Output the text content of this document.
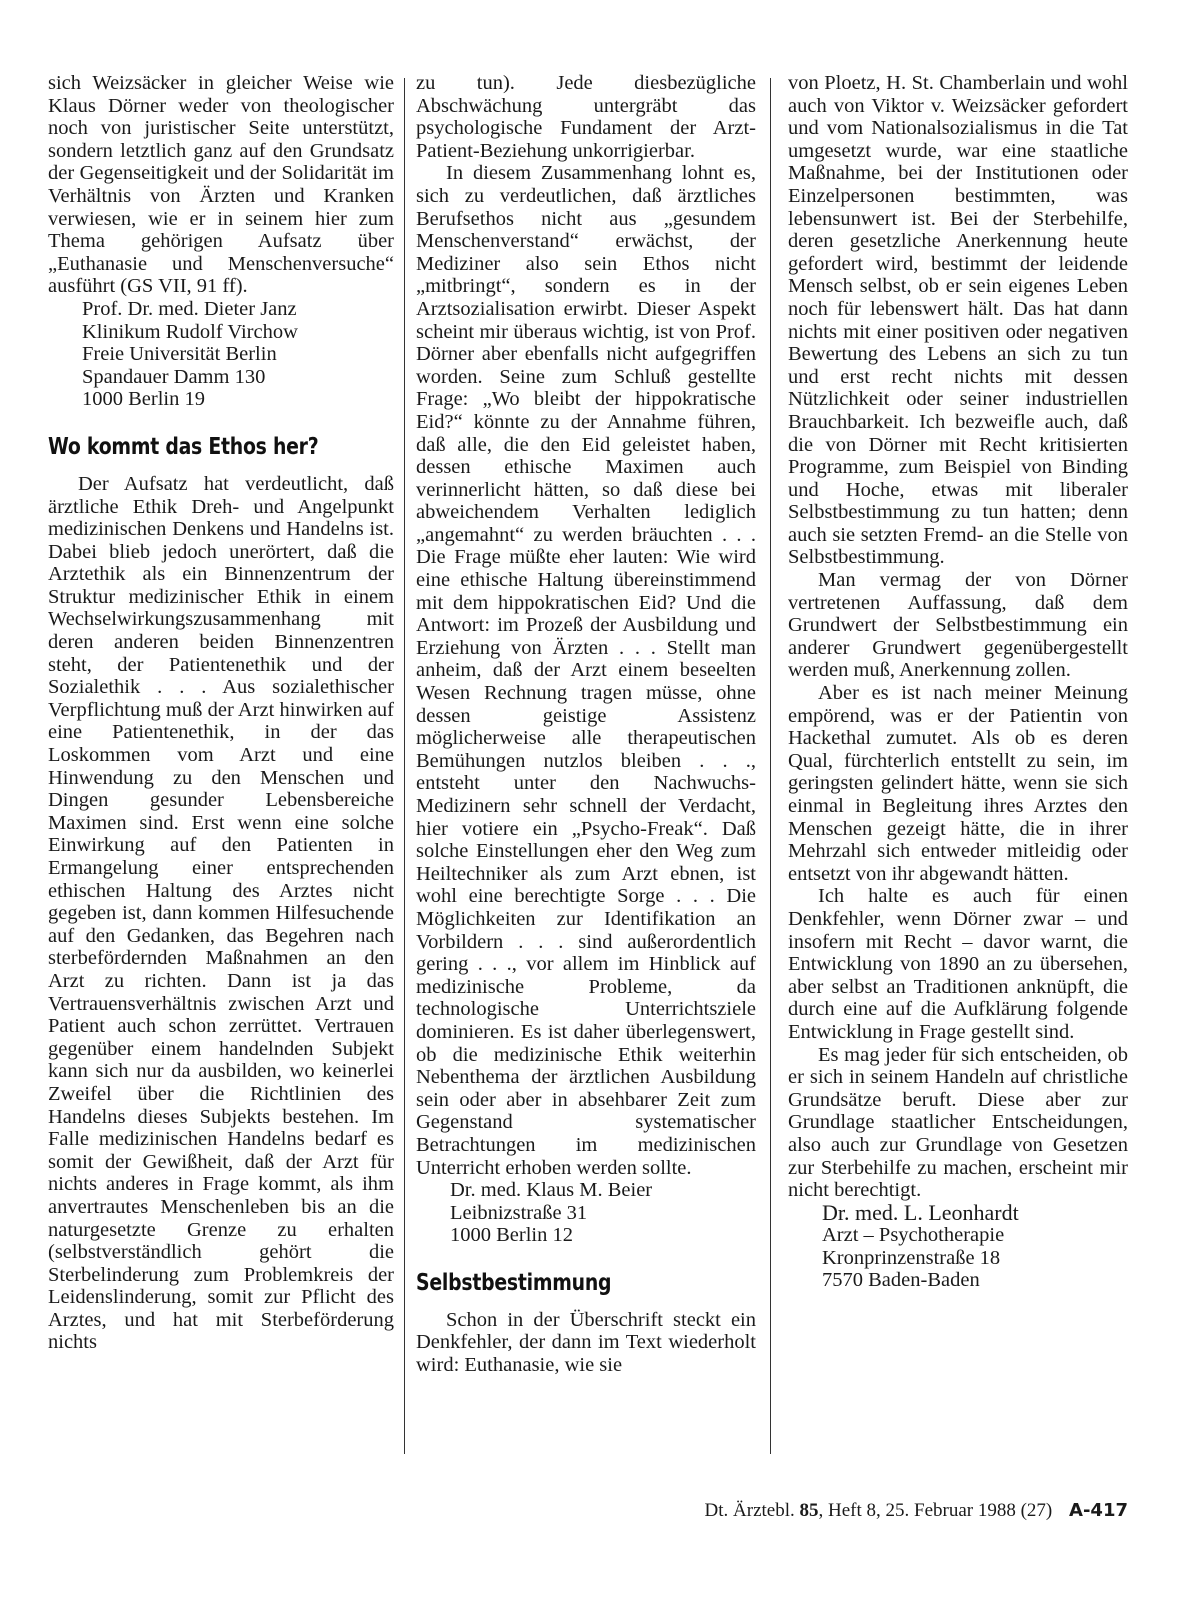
sich Weizsäcker in gleicher Weise wie Klaus Dörner weder von theologischer noch von juristischer Seite unterstützt, sondern letztlich ganz auf den Grundsatz der Gegenseitigkeit und der Solidarität im Verhältnis von Ärzten und Kranken verwiesen, wie er in seinem hier zum Thema gehörigen Aufsatz über „Euthanasie und Menschenversuche“ ausführt (GS VII, 91 ff).

Prof. Dr. med. Dieter Janz
Klinikum Rudolf Virchow
Freie Universität Berlin
Spandauer Damm 130
1000 Berlin 19
Wo kommt das Ethos her?

Der Aufsatz hat verdeutlicht, daß ärztliche Ethik Dreh- und Angelpunkt medizinischen Denkens und Handelns ist. Dabei blieb jedoch unerörtert, daß die Arztethik als ein Binnenzentrum der Struktur medizinischer Ethik in einem Wechselwirkungszusammenhang mit deren anderen beiden Binnenzentren steht, der Patientenethik und der Sozialethik . . . Aus sozialethischer Verpflichtung muß der Arzt hinwirken auf eine Patientenethik, in der das Loskommen vom Arzt und eine Hinwendung zu den Menschen und Dingen gesunder Lebensbereiche Maximen sind. Erst wenn eine solche Einwirkung auf den Patienten in Ermangelung einer entsprechenden ethischen Haltung des Arztes nicht gegeben ist, dann kommen Hilfesuchende auf den Gedanken, das Begehren nach sterbefördernden Maßnahmen an den Arzt zu richten. Dann ist ja das Vertrauensverhältnis zwischen Arzt und Patient auch schon zerrüttet. Vertrauen gegenüber einem handelnden Subjekt kann sich nur da ausbilden, wo keinerlei Zweifel über die Richtlinien des Handelns dieses Subjekts bestehen. Im Falle medizinischen Handelns bedarf es somit der Gewißheit, daß der Arzt für nichts anderes in Frage kommt, als ihm anvertrautes Menschenleben bis an die naturgesetzte Grenze zu erhalten (selbstverständlich gehört die Sterbelinderung zum Problemkreis der Leidenslinderung, somit zur Pflicht des Arztes, und hat mit Sterbeförderung nichts

zu tun). Jede diesbezügliche Abschwächung untergräbt das psychologische Fundament der Arzt-Patient-Beziehung unkorrigierbar.

In diesem Zusammenhang lohnt es, sich zu verdeutlichen, daß ärztliches Berufsethos nicht aus „gesundem Menschenverstand“ erwächst, der Mediziner also sein Ethos nicht „mitbringt“, sondern es in der Arztsozialisation erwirbt. Dieser Aspekt scheint mir überaus wichtig, ist von Prof. Dörner aber ebenfalls nicht aufgegriffen worden. Seine zum Schluß gestellte Frage: „Wo bleibt der hippokratische Eid?“ könnte zu der Annahme führen, daß alle, die den Eid geleistet haben, dessen ethische Maximen auch verinnerlicht hätten, so daß diese bei abweichendem Verhalten lediglich „angemahnt“ zu werden bräuchten . . . Die Frage müßte eher lauten: Wie wird eine ethische Haltung übereinstimmend mit dem hippokratischen Eid? Und die Antwort: im Prozeß der Ausbildung und Erziehung von Ärzten . . . Stellt man anheim, daß der Arzt einem beseelten Wesen Rechnung tragen müsse, ohne dessen geistige Assistenz möglicherweise alle therapeutischen Bemühungen nutzlos bleiben . . ., entsteht unter den Nachwuchs-Medizinern sehr schnell der Verdacht, hier votiere ein „Psycho-Freak“. Daß solche Einstellungen eher den Weg zum Heiltechniker als zum Arzt ebnen, ist wohl eine berechtigte Sorge . . . Die Möglichkeiten zur Identifikation an Vorbildern . . . sind außerordentlich gering . . ., vor allem im Hinblick auf medizinische Probleme, da technologische Unterrichtsziele dominieren. Es ist daher überlegenswert, ob die medizinische Ethik weiterhin Nebenthema der ärztlichen Ausbildung sein oder aber in absehbarer Zeit zum Gegenstand systematischer Betrachtungen im medizinischen Unterricht erhoben werden sollte.

Dr. med. Klaus M. Beier
Leibnizstraße 31
1000 Berlin 12
Selbstbestimmung

Schon in der Überschrift steckt ein Denkfehler, der dann im Text wiederholt wird: Euthanasie, wie sie

von Ploetz, H. St. Chamberlain und wohl auch von Viktor v. Weizsäcker gefordert und vom Nationalsozialismus in die Tat umgesetzt wurde, war eine staatliche Maßnahme, bei der Institutionen oder Einzelpersonen bestimmten, was lebensunwert ist. Bei der Sterbehilfe, deren gesetzliche Anerkennung heute gefordert wird, bestimmt der leidende Mensch selbst, ob er sein eigenes Leben noch für lebenswert hält. Das hat dann nichts mit einer positiven oder negativen Bewertung des Lebens an sich zu tun und erst recht nichts mit dessen Nützlichkeit oder seiner industriellen Brauchbarkeit. Ich bezweifle auch, daß die von Dörner mit Recht kritisierten Programme, zum Beispiel von Binding und Hoche, etwas mit liberaler Selbstbestimmung zu tun hatten; denn auch sie setzten Fremd- an die Stelle von Selbstbestimmung.

Man vermag der von Dörner vertretenen Auffassung, daß dem Grundwert der Selbstbestimmung ein anderer Grundwert gegenübergestellt werden muß, Anerkennung zollen.

Aber es ist nach meiner Meinung empörend, was er der Patientin von Hackethal zumutet. Als ob es deren Qual, fürchterlich entstellt zu sein, im geringsten gelindert hätte, wenn sie sich einmal in Begleitung ihres Arztes den Menschen gezeigt hätte, die in ihrer Mehrzahl sich entweder mitleidig oder entsetzt von ihr abgewandt hätten.

Ich halte es auch für einen Denkfehler, wenn Dörner zwar – und insofern mit Recht – davor warnt, die Entwicklung von 1890 an zu übersehen, aber selbst an Traditionen anknüpft, die durch eine auf die Aufklärung folgende Entwicklung in Frage gestellt sind.

Es mag jeder für sich entscheiden, ob er sich in seinem Handeln auf christliche Grundsätze beruft. Diese aber zur Grundlage staatlicher Entscheidungen, also auch zur Grundlage von Gesetzen zur Sterbehilfe zu machen, erscheint mir nicht berechtigt.

Dr. med. L. Leonhardt
Arzt – Psychotherapie
Kronprinzenstraße 18
7570 Baden-Baden
Dt. Ärztebl. 85, Heft 8, 25. Februar 1988 (27) A-417
